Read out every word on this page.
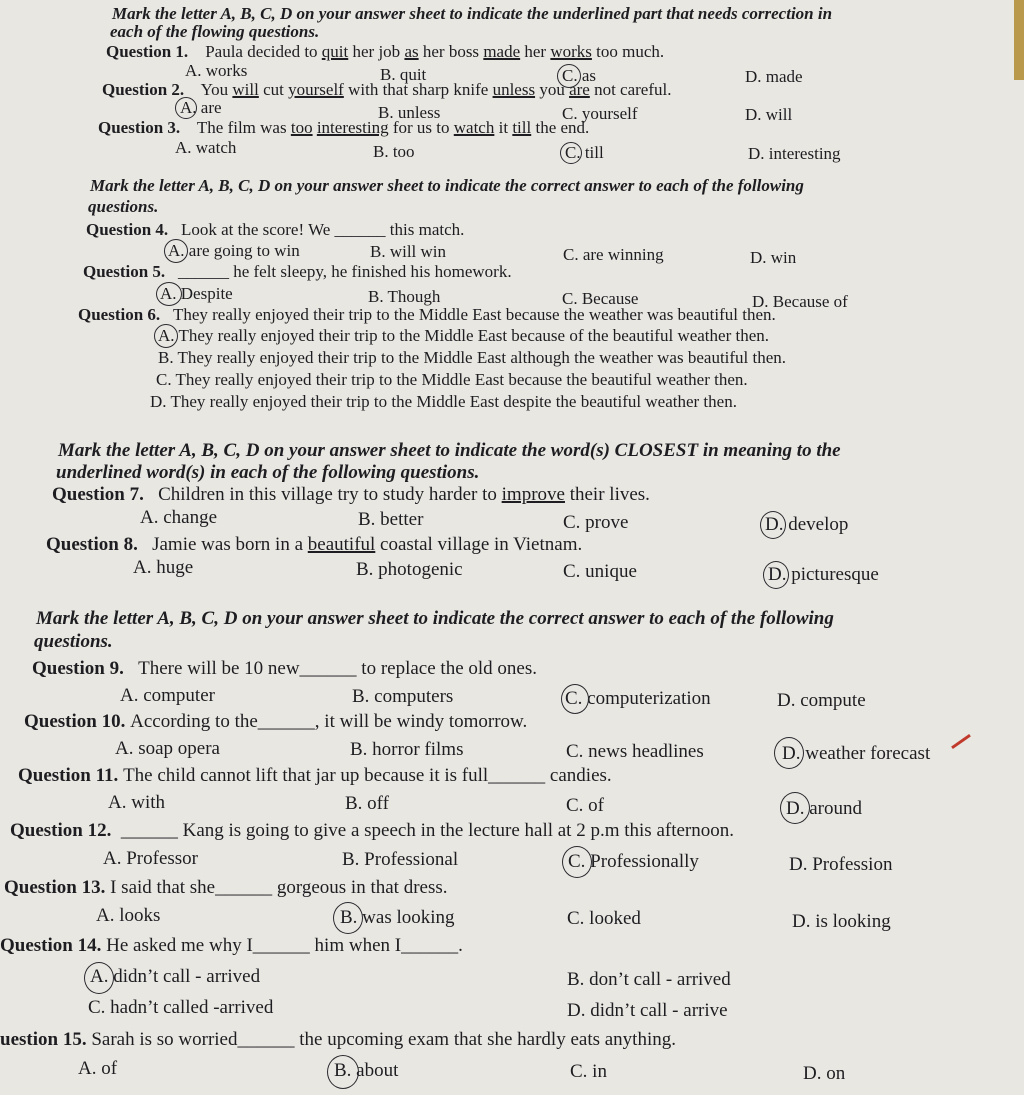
Mark the letter A, B, C, D on your answer sheet to indicate the underlined part that needs correction in
each of the flowing questions.
Question 1. Paula decided to quit her job as her boss made her works too much.
A. works	B. quit	C. as	D. made
Question 2. You will cut yourself with that sharp knife unless you are not careful.
A. are	B. unless	C. yourself	D. will
Question 3. The film was too interesting for us to watch it till the end.
A. watch	B. too	C. till	D. interesting
Mark the letter A, B, C, D on your answer sheet to indicate the correct answer to each of the following
questions.
Question 4. Look at the score! We ______ this match.
A. are going to win	B. will win	C. are winning	D. win
Question 5. ______ he felt sleepy, he finished his homework.
A. Despite	B. Though	C. Because	D. Because of
Question 6. They really enjoyed their trip to the Middle East because the weather was beautiful then.
A. They really enjoyed their trip to the Middle East because of the beautiful weather then.
B. They really enjoyed their trip to the Middle East although the weather was beautiful then.
C. They really enjoyed their trip to the Middle East because the beautiful weather then.
D. They really enjoyed their trip to the Middle East despite the beautiful weather then.
Mark the letter A, B, C, D on your answer sheet to indicate the word(s) CLOSEST in meaning to the
underlined word(s) in each of the following questions.
Question 7. Children in this village try to study harder to improve their lives.
A. change	B. better	C. prove	D. develop
Question 8. Jamie was born in a beautiful coastal village in Vietnam.
A. huge	B. photogenic	C. unique	D. picturesque
Mark the letter A, B, C, D on your answer sheet to indicate the correct answer to each of the following
questions.
Question 9. There will be 10 new______ to replace the old ones.
A. computer	B. computers	C. computerization	D. compute
Question 10. According to the______, it will be windy tomorrow.
A. soap opera	B. horror films	C. news headlines	D. weather forecast
Question 11. The child cannot lift that jar up because it is full______ candies.
A. with	B. off	C. of	D. around
Question 12. ______ Kang is going to give a speech in the lecture hall at 2 p.m this afternoon.
A. Professor	B. Professional	C. Professionally	D. Profession
Question 13. I said that she______ gorgeous in that dress.
A. looks	B. was looking	C. looked	D. is looking
Question 14. He asked me why I______ him when I______.
A. didn’t call - arrived	B. don’t call - arrived
C. hadn’t called -arrived	D. didn’t call - arrive
uestion 15. Sarah is so worried______ the upcoming exam that she hardly eats anything.
A. of	B. about	C. in	D. on
